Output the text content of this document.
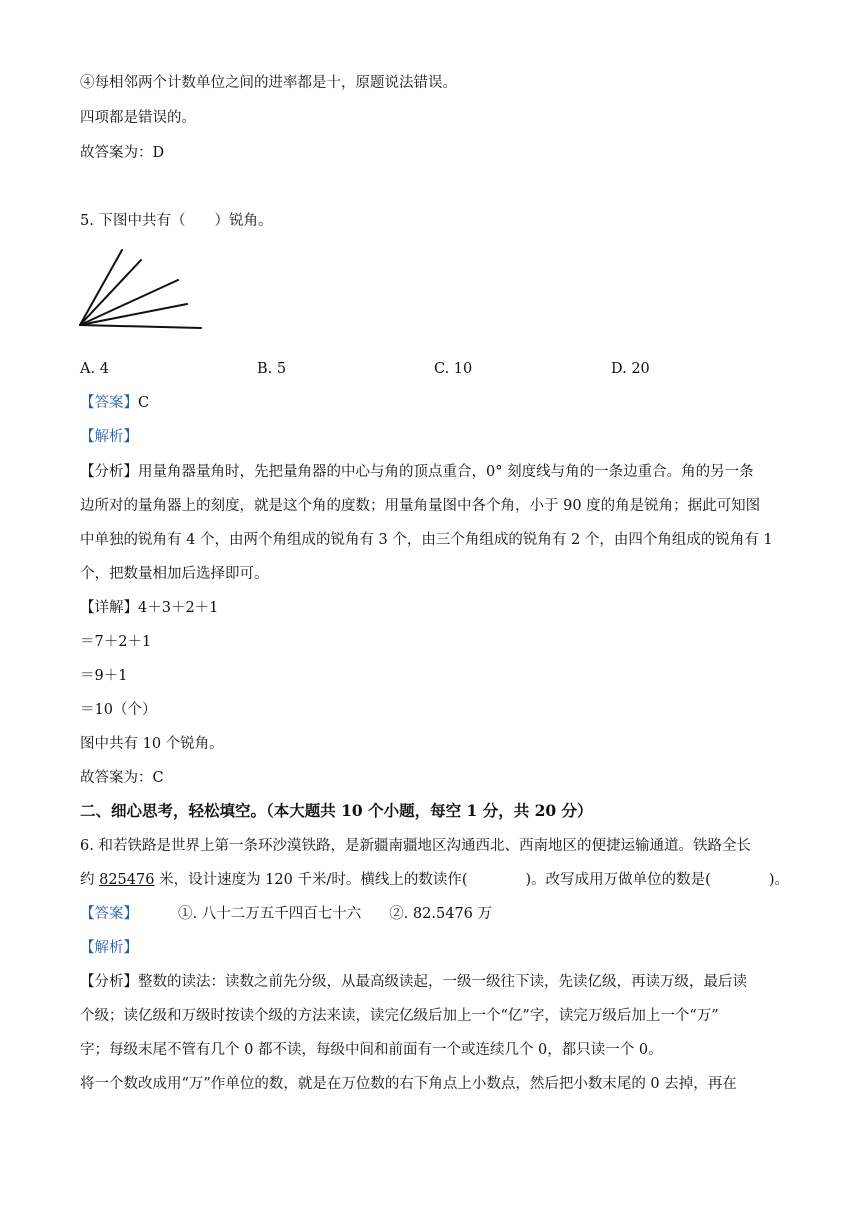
④每相邻两个计数单位之间的进率都是十，原题说法错误。
四项都是错误的。
故答案为：D
5. 下图中共有（　　）锐角。
A. 4	B. 5	C. 10	D. 20
【答案】C
【解析】
【分析】用量角器量角时，先把量角器的中心与角的顶点重合，0° 刻度线与角的一条边重合。角的另一条
边所对的量角器上的刻度，就是这个角的度数；用量角量图中各个角，小于 90 度的角是锐角；据此可知图
中单独的锐角有 4 个，由两个角组成的锐角有 3 个，由三个角组成的锐角有 2 个，由四个角组成的锐角有 1
个，把数量相加后选择即可。
【详解】4＋3＋2＋1
＝7＋2＋1
＝9＋1
＝10（个）
图中共有 10 个锐角。
故答案为：C
二、细心思考，轻松填空。（本大题共 10 个小题，每空 1 分，共 20 分）
6. 和若铁路是世界上第一条环沙漠铁路，是新疆南疆地区沟通西北、西南地区的便捷运输通道。铁路全长
约 825476 米，设计速度为 120 千米/时。横线上的数读作(　　　　)。改写成用万做单位的数是(　　　　)。
【答案】	①. 八十二万五千四百七十六 ②. 82.5476 万
【解析】
【分析】整数的读法：读数之前先分级，从最高级读起，一级一级往下读，先读亿级，再读万级，最后读
个级；读亿级和万级时按读个级的方法来读，读完亿级后加上一个“亿”字，读完万级后加上一个“万”
字；每级末尾不管有几个 0 都不读，每级中间和前面有一个或连续几个 0，都只读一个 0。
将一个数改成用“万”作单位的数，就是在万位数的右下角点上小数点，然后把小数末尾的 0 去掉，再在
